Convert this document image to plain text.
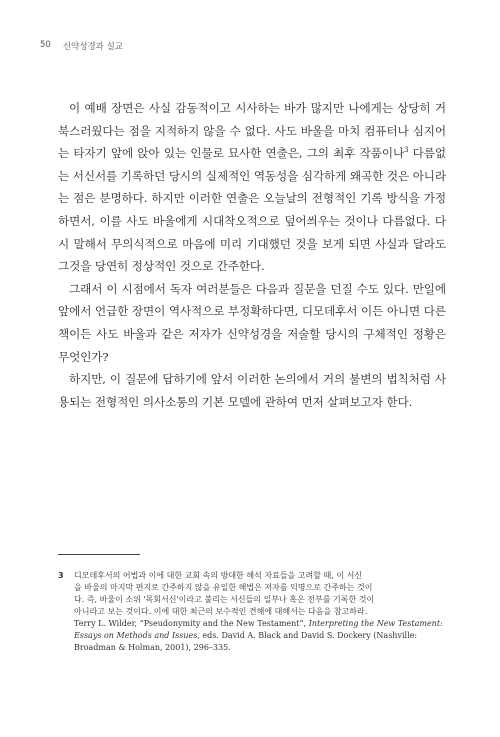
50 신약성경과 설교

이 예배 장면은 사실 감동적이고 시사하는 바가 많지만 나에게는 상당히 거북스러웠다는 점을 지적하지 않을 수 없다. 사도 바울을 마치 컴퓨터나 심지어는 타자기 앞에 앉아 있는 인물로 묘사한 연출은, 그의 최후 작품이나$^3$ 다름없는 서신서를 기록하던 당시의 실제적인 역동성을 심각하게 왜곡한 것은 아니라는 점은 분명하다. 하지만 이러한 연출은 오늘날의 전형적인 기록 방식을 가정하면서, 이를 사도 바울에게 시대착오적으로 덮어씌우는 것이나 다름없다. 다시 말해서 무의식적으로 마음에 미리 기대했던 것을 보게 되면 사실과 달라도 그것을 당연히 정상적인 것으로 간주한다.

그래서 이 시점에서 독자 여러분들은 다음과 질문을 던질 수도 있다. 만일에 앞에서 언급한 장면이 역사적으로 부정확하다면, 디모데후서 이든 아니면 다른 책이든 사도 바울과 같은 저자가 신약성경을 저술할 당시의 구체적인 정황은 무엇인가?

하지만, 이 질문에 답하기에 앞서 이러한 논의에서 거의 불변의 법칙처럼 사용되는 전형적인 의사소통의 기본 모델에 관하여 먼저 살펴보고자 한다.

3	디모데후서의 어법과 이에 대한 교회 속의 방대한 해석 자료들을 고려할 때, 이 서신
을 바울의 마지막 편지로 간주하지 않을 유일한 해법은 저자를 익명으로 간주하는 것이
다. 즉, 바울이 소위 '목회서신'이라고 불리는 서신들의 일부나 혹은 전부를 기록한 것이
아니라고 보는 것이다. 이에 대한 최근의 보수적인 견해에 대해서는 다음을 참고하라.
Terry L. Wilder, “Pseudonymity and the New Testament”, Interpreting the New Testament:
Essays on Methods and Issues, eds. David A. Black and David S. Dockery (Nashville:
Broadman & Holman, 2001), 296–335.
